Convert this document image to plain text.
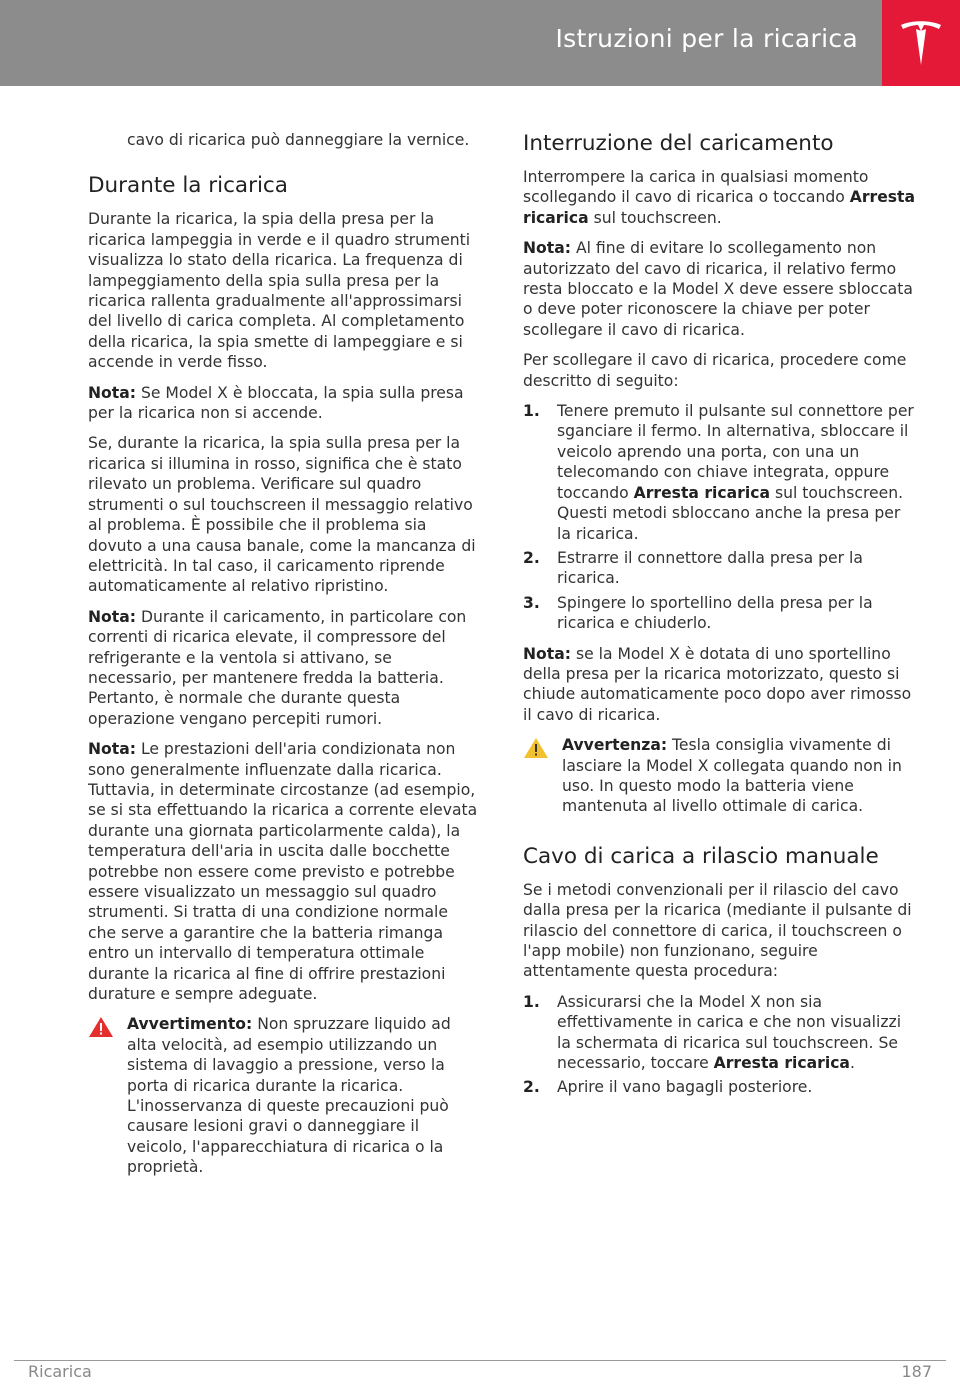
Istruzioni per la ricarica

cavo di ricarica può danneggiare la vernice.

Durante la ricarica

Durante la ricarica, la spia della presa per la ricarica lampeggia in verde e il quadro strumenti visualizza lo stato della ricarica. La frequenza di lampeggiamento della spia sulla presa per la ricarica rallenta gradualmente all'approssimarsi del livello di carica completa. Al completamento della ricarica, la spia smette di lampeggiare e si accende in verde fisso.

Nota: Se Model X è bloccata, la spia sulla presa per la ricarica non si accende.

Se, durante la ricarica, la spia sulla presa per la ricarica si illumina in rosso, significa che è stato rilevato un problema. Verificare sul quadro strumenti o sul touchscreen il messaggio relativo al problema. È possibile che il problema sia dovuto a una causa banale, come la mancanza di elettricità. In tal caso, il caricamento riprende automaticamente al relativo ripristino.

Nota: Durante il caricamento, in particolare con correnti di ricarica elevate, il compressore del refrigerante e la ventola si attivano, se necessario, per mantenere fredda la batteria. Pertanto, è normale che durante questa operazione vengano percepiti rumori.

Nota: Le prestazioni dell'aria condizionata non sono generalmente influenzate dalla ricarica. Tuttavia, in determinate circostanze (ad esempio, se si sta effettuando la ricarica a corrente elevata durante una giornata particolarmente calda), la temperatura dell'aria in uscita dalle bocchette potrebbe non essere come previsto e potrebbe essere visualizzato un messaggio sul quadro strumenti. Si tratta di una condizione normale che serve a garantire che la batteria rimanga entro un intervallo di temperatura ottimale durante la ricarica al fine di offrire prestazioni durature e sempre adeguate.

Avvertimento: Non spruzzare liquido ad alta velocità, ad esempio utilizzando un sistema di lavaggio a pressione, verso la porta di ricarica durante la ricarica. L'inosservanza di queste precauzioni può causare lesioni gravi o danneggiare il veicolo, l'apparecchiatura di ricarica o la proprietà.
Interruzione del caricamento

Interrompere la carica in qualsiasi momento scollegando il cavo di ricarica o toccando Arresta ricarica sul touchscreen.

Nota: Al fine di evitare lo scollegamento non autorizzato del cavo di ricarica, il relativo fermo resta bloccato e la Model X deve essere sbloccata o deve poter riconoscere la chiave per poter scollegare il cavo di ricarica.

Per scollegare il cavo di ricarica, procedere come descritto di seguito:

1. Tenere premuto il pulsante sul connettore per sganciare il fermo. In alternativa, sbloccare il veicolo aprendo una porta, con una un telecomando con chiave integrata, oppure toccando Arresta ricarica sul touchscreen. Questi metodi sbloccano anche la presa per la ricarica.
2. Estrarre il connettore dalla presa per la ricarica.
3. Spingere lo sportellino della presa per la ricarica e chiuderlo.

Nota: se la Model X è dotata di uno sportellino della presa per la ricarica motorizzato, questo si chiude automaticamente poco dopo aver rimosso il cavo di ricarica.

Avvertenza: Tesla consiglia vivamente di lasciare la Model X collegata quando non in uso. In questo modo la batteria viene mantenuta al livello ottimale di carica.
Cavo di carica a rilascio manuale

Se i metodi convenzionali per il rilascio del cavo dalla presa per la ricarica (mediante il pulsante di rilascio del connettore di carica, il touchscreen o l'app mobile) non funzionano, seguire attentamente questa procedura:

1. Assicurarsi che la Model X non sia effettivamente in carica e che non visualizzi la schermata di ricarica sul touchscreen. Se necessario, toccare Arresta ricarica.
2. Aprire il vano bagagli posteriore.
Ricarica	187
